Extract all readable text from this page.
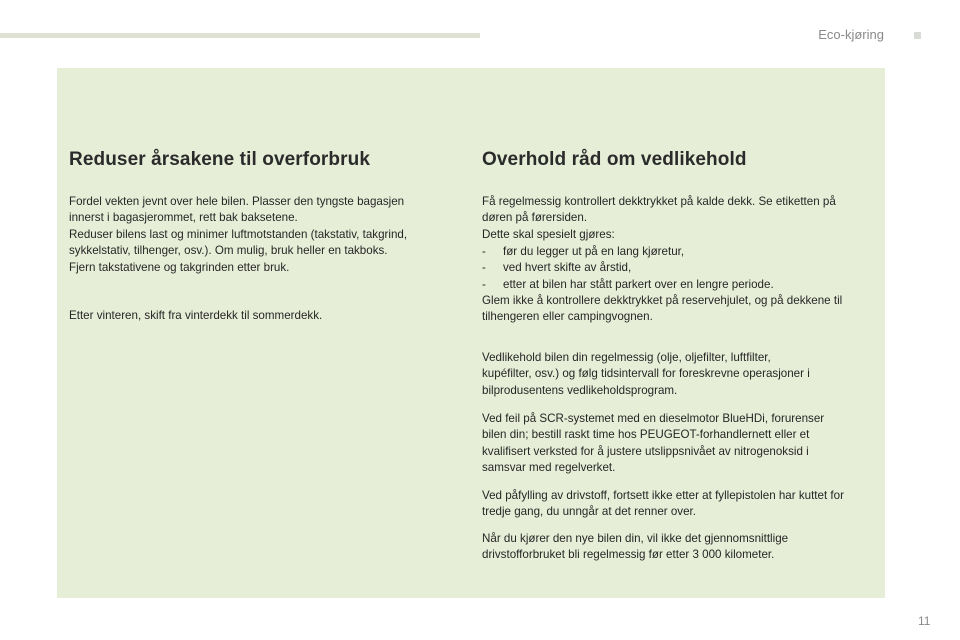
Eco-kjøring
Reduser årsakene til overforbruk

Fordel vekten jevnt over hele bilen. Plasser den tyngste bagasjen
innerst i bagasjerommet, rett bak baksetene.
Reduser bilens last og minimer luftmotstanden (takstativ, takgrind,
sykkelstativ, tilhenger, osv.). Om mulig, bruk heller en takboks.
Fjern takstativene og takgrinden etter bruk.

Etter vinteren, skift fra vinterdekk til sommerdekk.

Overhold råd om vedlikehold

Få regelmessig kontrollert dekktrykket på kalde dekk. Se etiketten på
døren på førersiden.
Dette skal spesielt gjøres:

- før du legger ut på en lang kjøretur,
- ved hvert skifte av årstid,
- etter at bilen har stått parkert over en lengre periode.

Glem ikke å kontrollere dekktrykket på reservehjulet, og på dekkene til
tilhengeren eller campingvognen.

Vedlikehold bilen din regelmessig (olje, oljefilter, luftfilter,
kupéfilter, osv.) og følg tidsintervall for foreskrevne operasjoner i
bilprodusentens vedlikeholdsprogram.

Ved feil på SCR-systemet med en dieselmotor BlueHDi, forurenser
bilen din; bestill raskt time hos PEUGEOT-forhandlernett eller et
kvalifisert verksted for å justere utslippsnivået av nitrogenoksid i
samsvar med regelverket.

Ved påfylling av drivstoff, fortsett ikke etter at fyllepistolen har kuttet for
tredje gang, du unngår at det renner over.

Når du kjører den nye bilen din, vil ikke det gjennomsnittlige
drivstofforbruket bli regelmessig før etter 3 000 kilometer.

11
